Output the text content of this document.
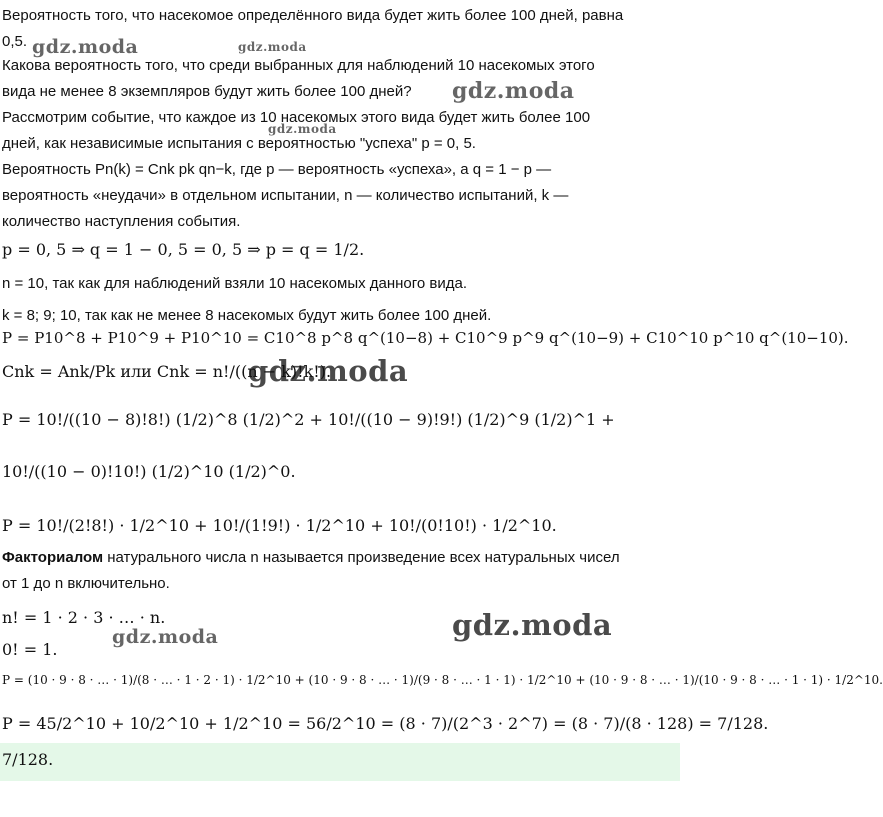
gdz.moda	gdz.moda
gdz.moda
gdz.moda
gdz.moda
gdz.moda	gdz.moda
Вероятность того, что насекомое определённого вида будет жить более 100 дней, равна
0,5.
Какова вероятность того, что среди выбранных для наблюдений 10 насекомых этого
вида не менее 8 экземпляров будут жить более 100 дней?
Рассмотрим событие, что каждое из 10 насекомых этого вида будет жить более 100
дней, как независимые испытания с вероятностью "успеха" p = 0, 5.
Вероятность Pn(k) = Cnk pk qn−k, где p — вероятность «успеха», а q = 1 − p —
вероятность «неудачи» в отдельном испытании, n — количество испытаний, k —
количество наступления события.
p = 0, 5 ⇒ q = 1 − 0, 5 = 0, 5 ⇒ p = q = 1/2.
n = 10, так как для наблюдений взяли 10 насекомых данного вида.
k = 8; 9; 10, так как не менее 8 насекомых будут жить более 100 дней.
P = P10^8 + P10^9 + P10^10 = C10^8 p^8 q^(10−8) + C10^9 p^9 q^(10−9) + C10^10 p^10 q^(10−10).
Cnk = Ank/Pk или Cnk = n!/((n − k)!k!).
P = 10!/((10 − 8)!8!) (1/2)^8 (1/2)^2 + 10!/((10 − 9)!9!) (1/2)^9 (1/2)^1 +
10!/((10 − 0)!10!) (1/2)^10 (1/2)^0.
P = 10!/(2!8!) · 1/2^10 + 10!/(1!9!) · 1/2^10 + 10!/(0!10!) · 1/2^10.
Факториалом натурального числа n называется произведение всех натуральных чисел
от 1 до n включительно.
n! = 1 · 2 · 3 · … · n.
0! = 1.
P = (10 · 9 · 8 · … · 1)/(8 · … · 1 · 2 · 1) · 1/2^10 + (10 · 9 · 8 · … · 1)/(9 · 8 · … · 1 · 1) · 1/2^10 + (10 · 9 · 8 · … · 1)/(10 · 9 · 8 · … · 1 · 1) · 1/2^10.
P = 45/2^10 + 10/2^10 + 1/2^10 = 56/2^10 = (8 · 7)/(2^3 · 2^7) = (8 · 7)/(8 · 128) = 7/128.
7/128.
